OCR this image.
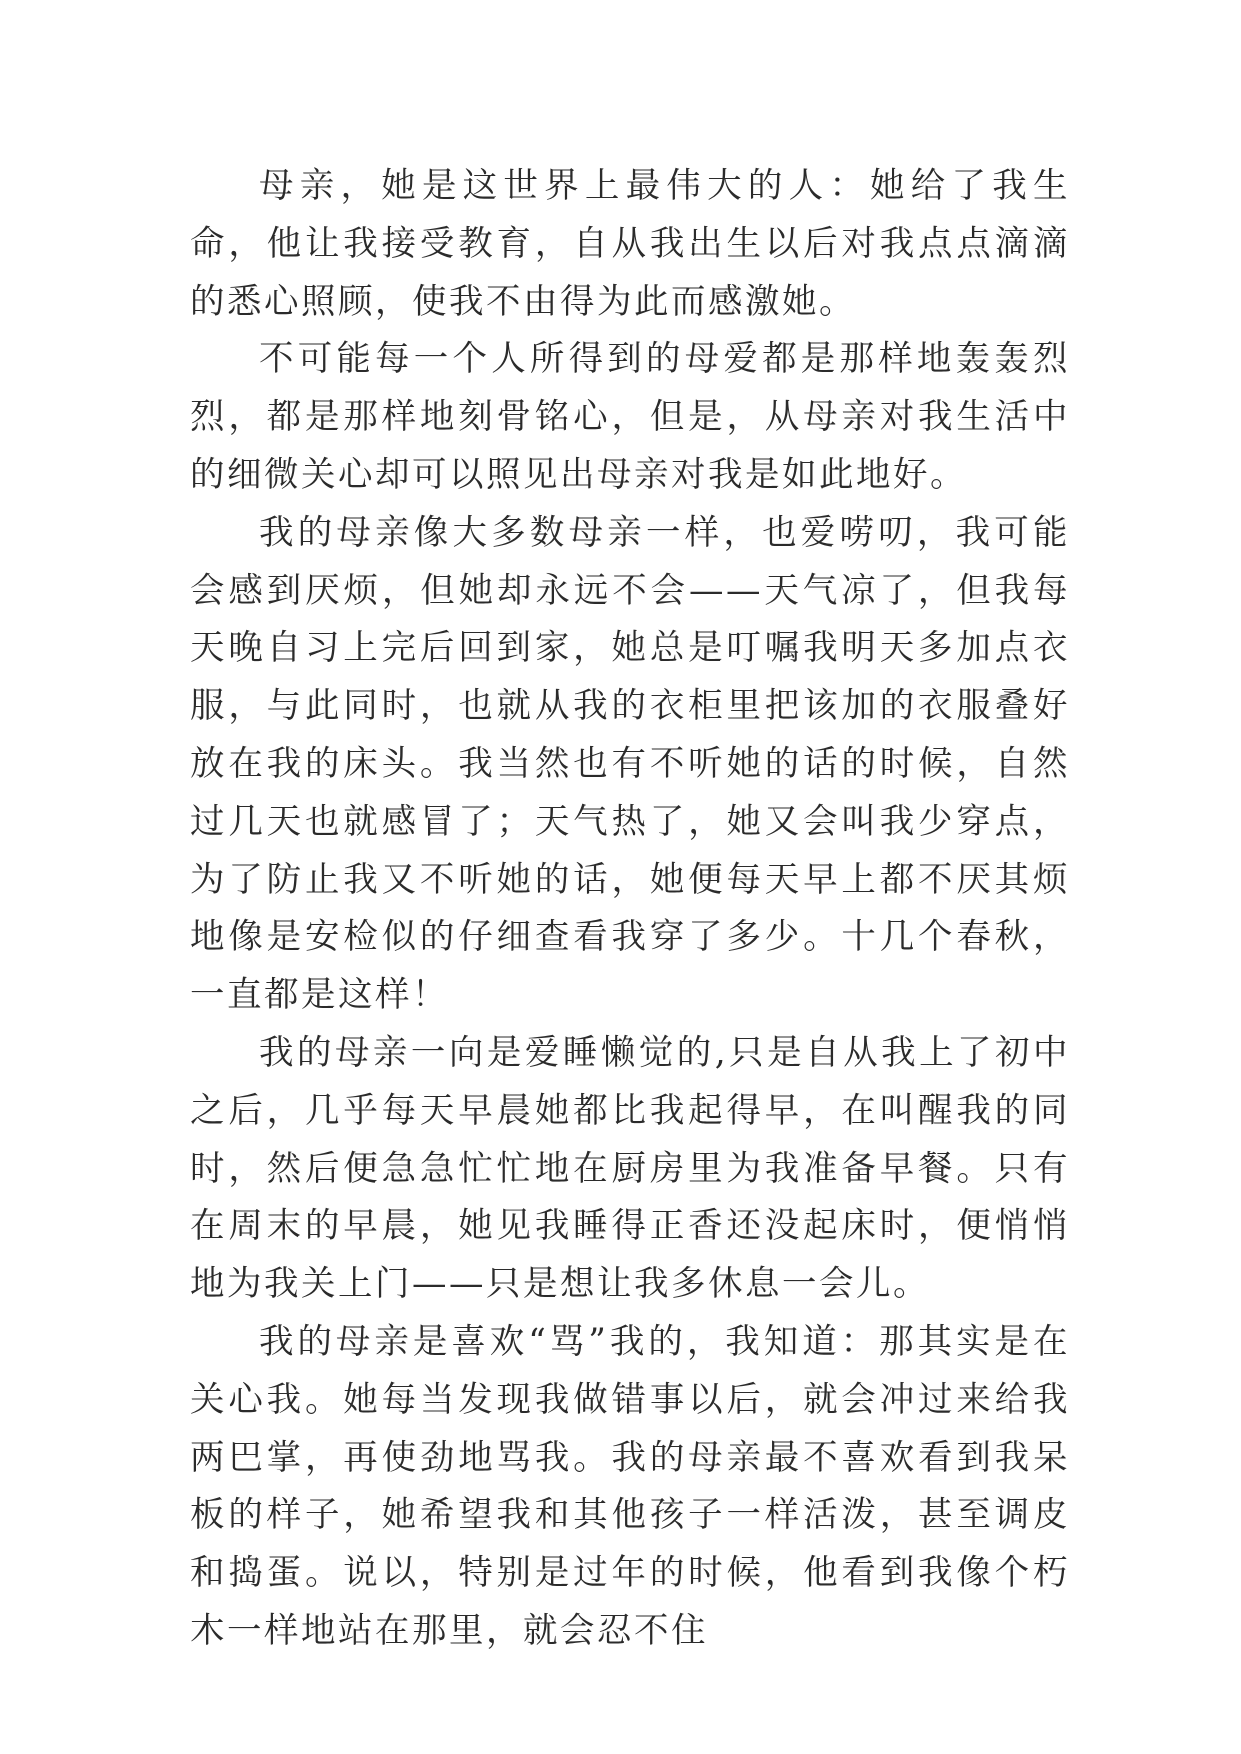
母亲，她是这世界上最伟大的人：她给了我生命，他让我接受教育，自从我出生以后对我点点滴滴的悉心照顾，使我不由得为此而感激她。

不可能每一个人所得到的母爱都是那样地轰轰烈烈，都是那样地刻骨铭心，但是，从母亲对我生活中的细微关心却可以照见出母亲对我是如此地好。

我的母亲像大多数母亲一样，也爱唠叨，我可能会感到厌烦，但她却永远不会——天气凉了，但我每天晚自习上完后回到家，她总是叮嘱我明天多加点衣服，与此同时，也就从我的衣柜里把该加的衣服叠好放在我的床头。我当然也有不听她的话的时候，自然过几天也就感冒了；天气热了，她又会叫我少穿点，为了防止我又不听她的话，她便每天早上都不厌其烦地像是安检似的仔细查看我穿了多少。十几个春秋，一直都是这样！

我的母亲一向是爱睡懒觉的,只是自从我上了初中之后，几乎每天早晨她都比我起得早，在叫醒我的同时，然后便急急忙忙地在厨房里为我准备早餐。只有在周末的早晨，她见我睡得正香还没起床时，便悄悄地为我关上门——只是想让我多休息一会儿。

我的母亲是喜欢“骂”我的，我知道：那其实是在关心我。她每当发现我做错事以后，就会冲过来给我两巴掌，再使劲地骂我。我的母亲最不喜欢看到我呆板的样子，她希望我和其他孩子一样活泼，甚至调皮和捣蛋。说以，特别是过年的时候，他看到我像个朽木一样地站在那里，就会忍不住
